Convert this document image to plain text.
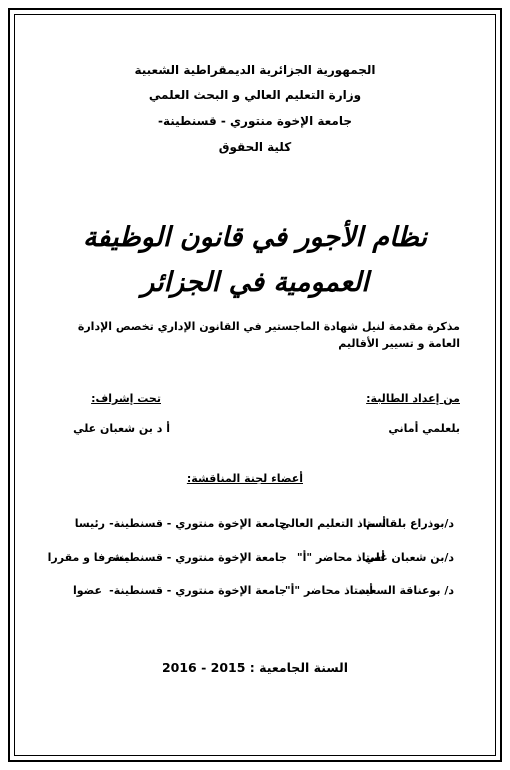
الجمهورية الجزائرية الديمقراطية الشعبية
وزارة التعليم العالي و البحث العلمي
جامعة الإخوة منتوري - قسنطينة-
كلية الحقوق
نظام الأجور في قانون الوظيفة
العمومية في الجزائر
مذكرة مقدمة لنيل شهادة الماجستير في القانون الإداري تخصص الإدارة العامة و تسيير الأقاليم
من إعداد الطالبة:
بلعلمي أماني
تحت إشراف:
أ د بن شعبان علي
أعضاء لجنة المناقشة:
د/بوذراع بلقاسم
أستاذ التعليم العالي
جامعة الإخوة منتوري - قسنطينة-
رئيسا
د/بن شعبان علي
أستاذ محاضر "أ"
جامعة الإخوة منتوري - قسنطينة-
مشرفا و مقررا
د/ بوعناقة السعيد
أستاذ محاضر "أ"
جامعة الإخوة منتوري - قسنطينة-
عضوا
السنة الجامعية : 2015 - 2016
